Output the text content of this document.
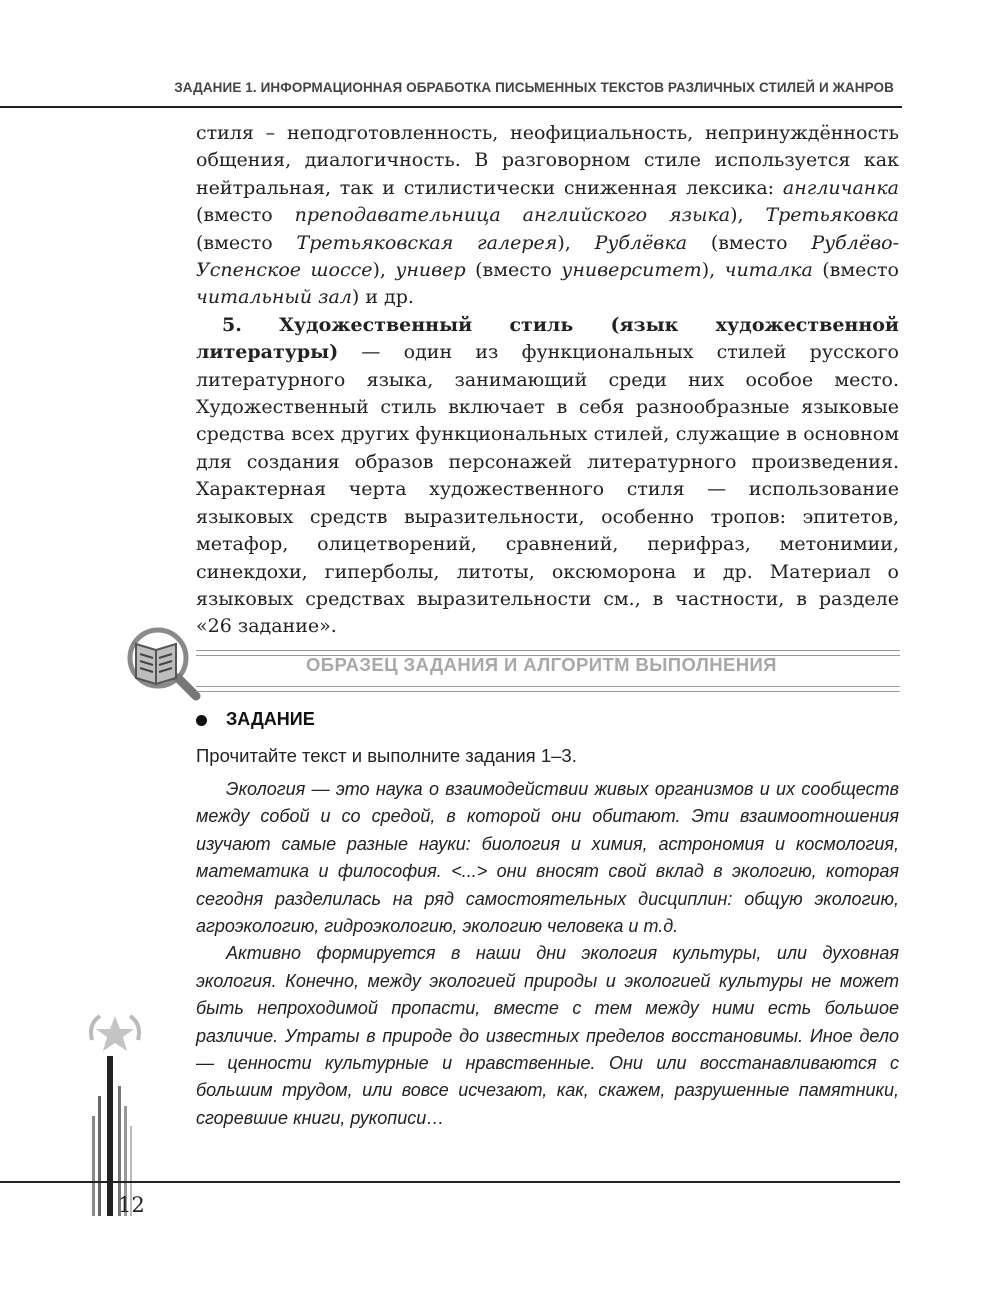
ЗАДАНИЕ 1. ИНФОРМАЦИОННАЯ ОБРАБОТКА ПИСЬМЕННЫХ ТЕКСТОВ РАЗЛИЧНЫХ СТИЛЕЙ И ЖАНРОВ

стиля – неподготовленность, неофициальность, непринуждённость общения, диалогичность. В разговорном стиле используется как нейтральная, так и стилистически сниженная лексика: англичанка (вместо преподавательница английского языка), Третьяковка (вместо Третьяковская галерея), Рублёвка (вместо Рублёво-Успенское шоссе), универ (вместо университет), читалка (вместо читальный зал) и др.

5. Художественный стиль (язык художественной литературы) — один из функциональных стилей русского литературного языка, занимающий среди них особое место. Художественный стиль включает в себя разнообразные языковые средства всех других функциональных стилей, служащие в основном для создания образов персонажей литературного произведения. Характерная черта художественного стиля — использование языковых средств выразительности, особенно тропов: эпитетов, метафор, олицетворений, сравнений, перифраз, метонимии, синекдохи, гиперболы, литоты, оксюморона и др. Материал о языковых средствах выразительности см., в частности, в разделе «26 задание».

ОБРАЗЕЦ ЗАДАНИЯ И АЛГОРИТМ ВЫПОЛНЕНИЯ
ЗАДАНИЕ
Прочитайте текст и выполните задания 1–3.

Экология — это наука о взаимодействии живых организмов и их сообществ между собой и со средой, в которой они обитают. Эти взаимоотношения изучают самые разные науки: биология и химия, астрономия и космология, математика и философия. <...> они вносят свой вклад в экологию, которая сегодня разделилась на ряд самостоятельных дисциплин: общую экологию, агроэкологию, гидроэкологию, экологию человека и т.д.

Активно формируется в наши дни экология культуры, или духовная экология. Конечно, между экологией природы и экологией культуры не может быть непроходимой пропасти, вместе с тем между ними есть большое различие. Утраты в природе до известных пределов восстановимы. Иное дело — ценности культурные и нравственные. Они или восстанавливаются с большим трудом, или вовсе исчезают, как, скажем, разрушенные памятники, сгоревшие книги, рукописи…

12
